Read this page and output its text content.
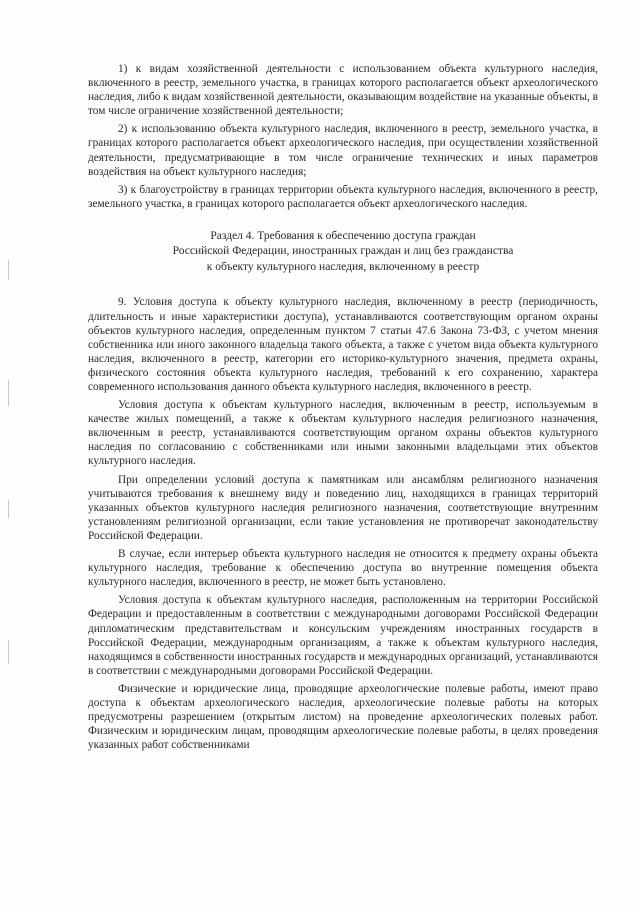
1) к видам хозяйственной деятельности с использованием объекта культурного наследия, включенного в реестр, земельного участка, в границах которого располагается объект археологического наследия, либо к видам хозяйственной деятельности, оказывающим воздействие на указанные объекты, в том числе ограничение хозяйственной деятельности;

2) к использованию объекта культурного наследия, включенного в реестр, земельного участка, в границах которого располагается объект археологического наследия, при осуществлении хозяйственной деятельности, предусматривающие в том числе ограничение технических и иных параметров воздействия на объект культурного наследия;

3) к благоустройству в границах территории объекта культурного наследия, включенного в реестр, земельного участка, в границах которого располагается объект археологического наследия.

Раздел 4. Требования к обеспечению доступа граждан
Российской Федерации, иностранных граждан и лиц без гражданства
к объекту культурного наследия, включенному в реестр

9. Условия доступа к объекту культурного наследия, включенному в реестр (периодичность, длительность и иные характеристики доступа), устанавливаются соответствующим органом охраны объектов культурного наследия, определенным пунктом 7 статьи 47.6 Закона 73-ФЗ, с учетом мнения собственника или иного законного владельца такого объекта, а также с учетом вида объекта культурного наследия, включенного в реестр, категории его историко-культурного значения, предмета охраны, физического состояния объекта культурного наследия, требований к его сохранению, характера современного использования данного объекта культурного наследия, включенного в реестр.

Условия доступа к объектам культурного наследия, включенным в реестр, используемым в качестве жилых помещений, а также к объектам культурного наследия религиозного назначения, включенным в реестр, устанавливаются соответствующим органом охраны объектов культурного наследия по согласованию с собственниками или иными законными владельцами этих объектов культурного наследия.

При определении условий доступа к памятникам или ансамблям религиозного назначения учитываются требования к внешнему виду и поведению лиц, находящихся в границах территорий указанных объектов культурного наследия религиозного назначения, соответствующие внутренним установлениям религиозной организации, если такие установления не противоречат законодательству Российской Федерации.

В случае, если интерьер объекта культурного наследия не относится к предмету охраны объекта культурного наследия, требование к обеспечению доступа во внутренние помещения объекта культурного наследия, включенного в реестр, не может быть установлено.

Условия доступа к объектам культурного наследия, расположенным на территории Российской Федерации и предоставленным в соответствии с международными договорами Российской Федерации дипломатическим представительствам и консульским учреждениям иностранных государств в Российской Федерации, международным организациям, а также к объектам культурного наследия, находящимся в собственности иностранных государств и международных организаций, устанавливаются в соответствии с международными договорами Российской Федерации.

Физические и юридические лица, проводящие археологические полевые работы, имеют право доступа к объектам археологического наследия, археологические полевые работы на которых предусмотрены разрешением (открытым листом) на проведение археологических полевых работ. Физическим и юридическим лицам, проводящим археологические полевые работы, в целях проведения указанных работ собственниками
